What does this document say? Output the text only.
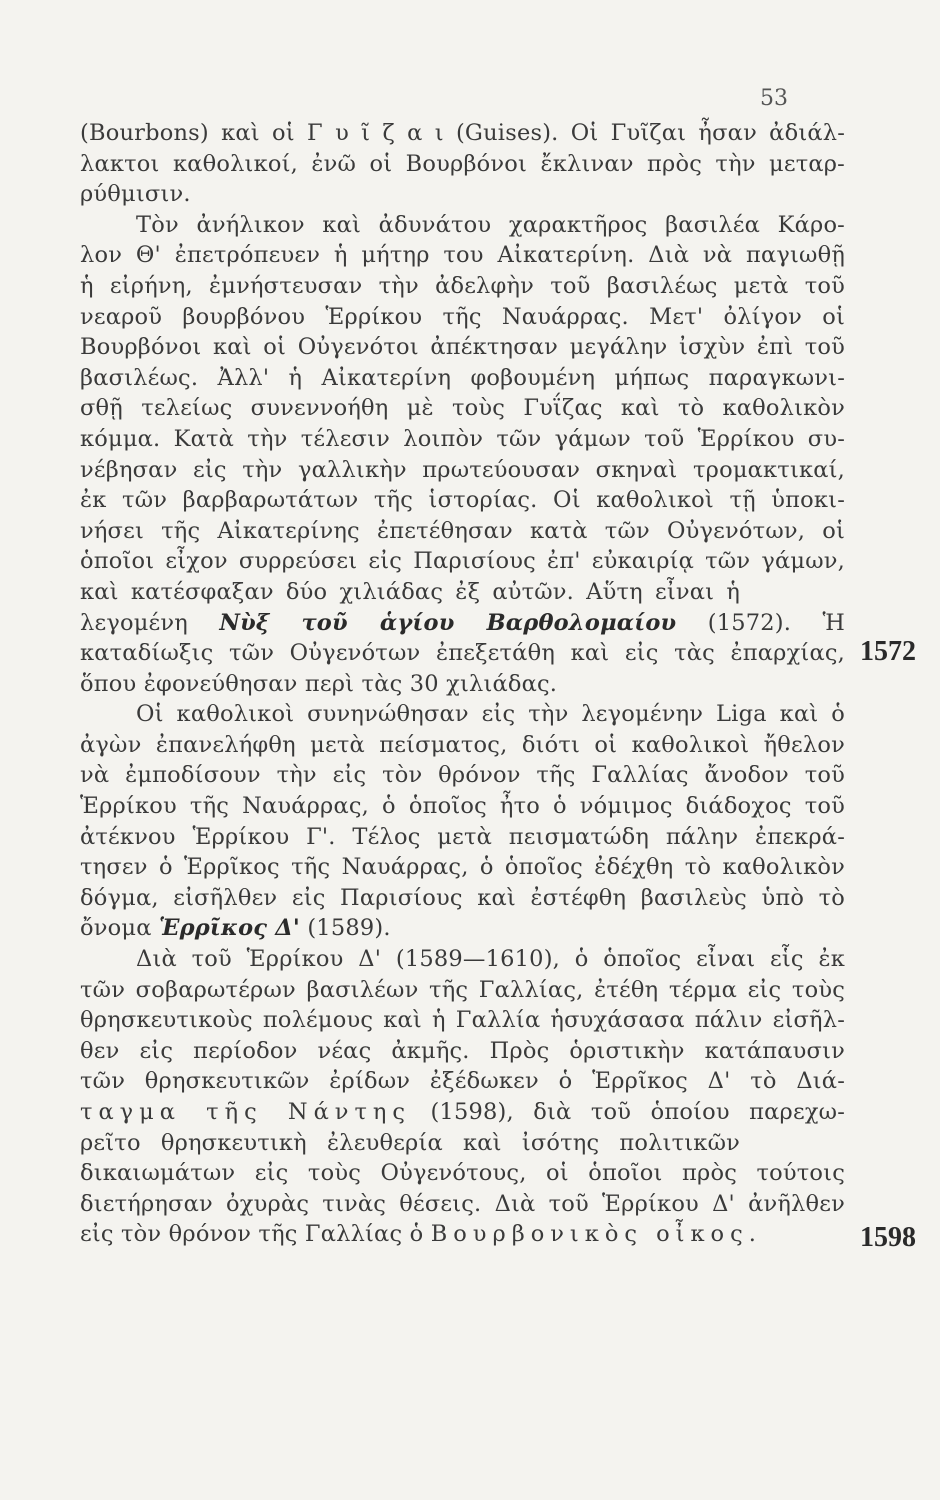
53
(Bourbons) καὶ οἱ Γ υ ῖ ζ α ι (Guises). Οἱ Γυῖζαι ἦσαν ἀδιάλ-
λακτοι καθολικοί, ἐνῶ οἱ Βουρβόνοι ἔκλιναν πρὸς τὴν μεταρ-
ρύθμισιν.
Τὸν ἀνήλικον καὶ ἀδυνάτου χαρακτῆρος βασιλέα Κάρο-
λον Θ' ἐπετρόπευεν ἡ μήτηρ του Αἰκατερίνη. Διὰ νὰ παγιωθῇ
ἡ εἰρήνη, ἐμνήστευσαν τὴν ἀδελφὴν τοῦ βασιλέως μετὰ τοῦ
νεαροῦ βουρβόνου Ἑρρίκου τῆς Ναυάρρας. Μετ' ὀλίγον οἱ
Βουρβόνοι καὶ οἱ Οὐγενότοι ἀπέκτησαν μεγάλην ἰσχὺν ἐπὶ τοῦ
βασιλέως. Ἀλλ' ἡ Αἰκατερίνη φοβουμένη μήπως παραγκωνι-
σθῇ τελείως συνεννοήθη μὲ τοὺς Γυΐζας καὶ τὸ καθολικὸν
κόμμα. Κατὰ τὴν τέλεσιν λοιπὸν τῶν γάμων τοῦ Ἑρρίκου συ-
νέβησαν εἰς τὴν γαλλικὴν πρωτεύουσαν σκηναὶ τρομακτικαί,
ἐκ τῶν βαρβαρωτάτων τῆς ἱστορίας. Οἱ καθολικοὶ τῇ ὑποκι-
νήσει τῆς Αἰκατερίνης ἐπετέθησαν κατὰ τῶν Οὐγενότων, οἱ
ὁποῖοι εἶχον συρρεύσει εἰς Παρισίους ἐπ' εὐκαιρίᾳ τῶν γάμων,
καὶ κατέσφαξαν δύο χιλιάδας ἐξ αὐτῶν. Αὕτη εἶναι ἡ
λεγομένη Νὺξ τοῦ ἁγίου Βαρθολομαίου (1572). Ἡ
καταδίωξις τῶν Οὐγενότων ἐπεξετάθη καὶ εἰς τὰς ἐπαρχίας,
ὅπου ἐφονεύθησαν περὶ τὰς 30 χιλιάδας.
Οἱ καθολικοὶ συνηνώθησαν εἰς τὴν λεγομένην Liga καὶ ὁ
ἀγὼν ἐπανελήφθη μετὰ πείσματος, διότι οἱ καθολικοὶ ἤθελον
νὰ ἐμποδίσουν τὴν εἰς τὸν θρόνον τῆς Γαλλίας ἄνοδον τοῦ
Ἑρρίκου τῆς Ναυάρρας, ὁ ὁποῖος ἦτο ὁ νόμιμος διάδοχος τοῦ
ἀτέκνου Ἑρρίκου Γ'. Τέλος μετὰ πεισματώδη πάλην ἐπεκρά-
τησεν ὁ Ἑρρῖκος τῆς Ναυάρρας, ὁ ὁποῖος ἐδέχθη τὸ καθολικὸν
δόγμα, εἰσῆλθεν εἰς Παρισίους καὶ ἐστέφθη βασιλεὺς ὑπὸ τὸ
ὄνομα Ἑρρῖκος Δ' (1589).
Διὰ τοῦ Ἑρρίκου Δ' (1589—1610), ὁ ὁποῖος εἶναι εἷς ἐκ
τῶν σοβαρωτέρων βασιλέων τῆς Γαλλίας, ἐτέθη τέρμα εἰς τοὺς
θρησκευτικοὺς πολέμους καὶ ἡ Γαλλία ἡσυχάσασα πάλιν εἰσῆλ-
θεν εἰς περίοδον νέας ἀκμῆς. Πρὸς ὁριστικὴν κατάπαυσιν
τῶν θρησκευτικῶν ἐρίδων ἐξέδωκεν ὁ Ἑρρῖκος Δ' τὸ Διά-
ταγμα τῆς Νάντης (1598), διὰ τοῦ ὁποίου παρεχω-
ρεῖτο θρησκευτικὴ ἐλευθερία καὶ ἰσότης πολιτικῶν
δικαιωμάτων εἰς τοὺς Οὐγενότους, οἱ ὁποῖοι πρὸς τούτοις
διετήρησαν ὀχυρὰς τινὰς θέσεις. Διὰ τοῦ Ἑρρίκου Δ' ἀνῆλθεν
εἰς τὸν θρόνον τῆς Γαλλίας ὁ Βουρβονικὸς οἶκος.
1572
1598
